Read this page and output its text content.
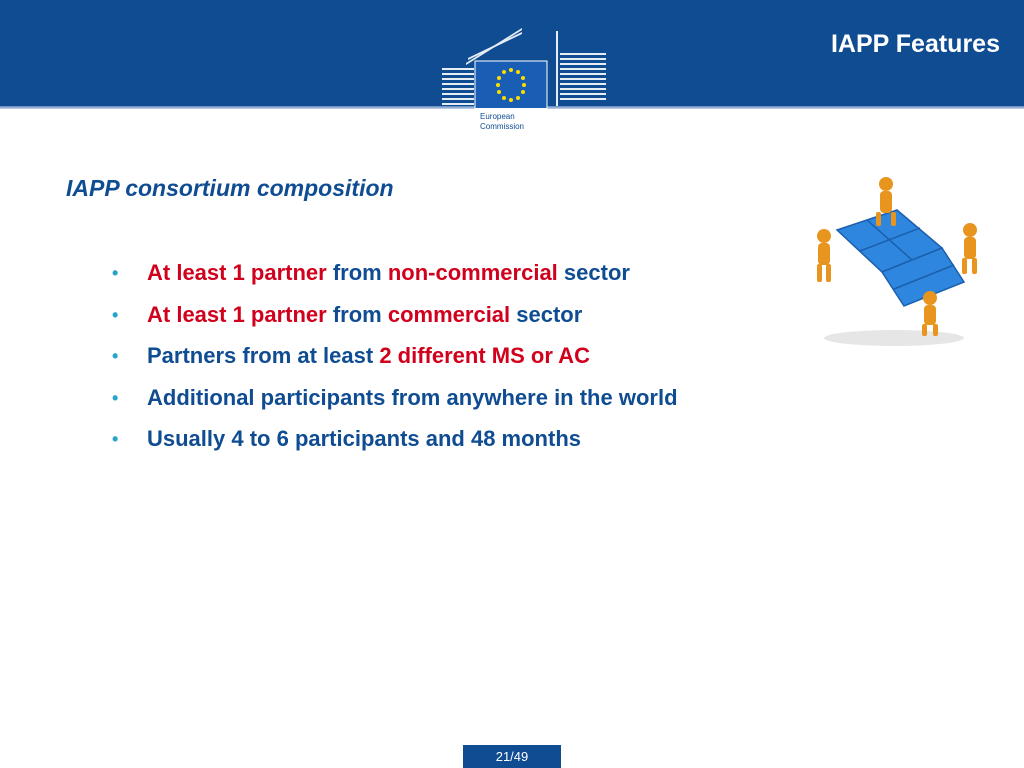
IAPP Features
European
Commission
IAPP consortium composition
• At least 1 partner from non-commercial sector
• At least 1 partner from commercial sector
• Partners from at least 2 different MS or AC
• Additional participants from anywhere in the world
• Usually 4 to 6 participants and 48 months
21/49
